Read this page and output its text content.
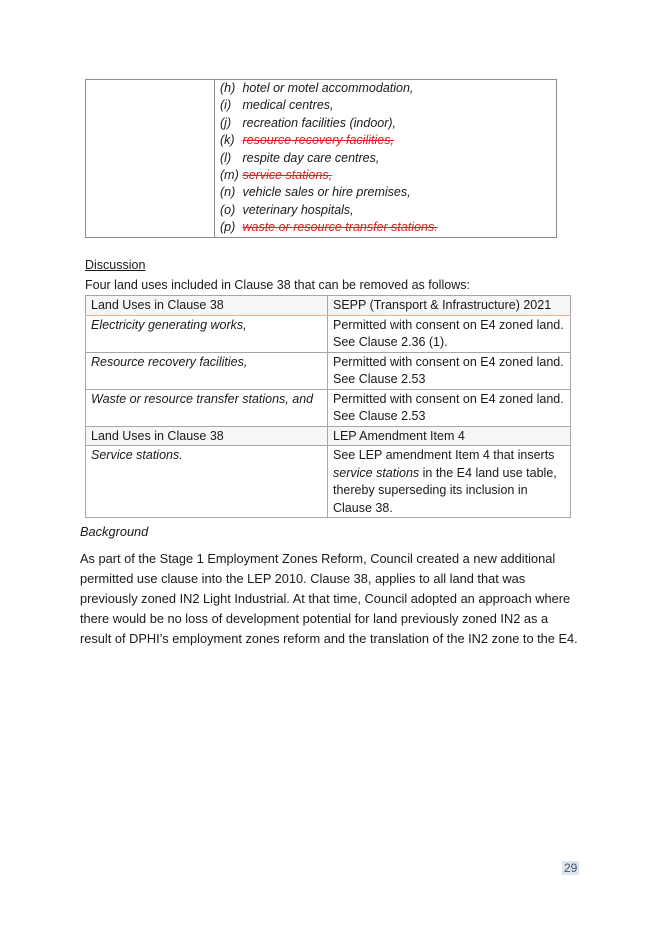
(h) hotel or motel accommodation,
(i) medical centres,
(j) recreation facilities (indoor),
(k) resource recovery facilities,
(l) respite day care centres,
(m) service stations,
(n) vehicle sales or hire premises,
(o) veterinary hospitals,
(p) waste or resource transfer stations.
Discussion
Four land uses included in Clause 38 that can be removed as follows:
Land Uses in Clause 38	SEPP (Transport & Infrastructure) 2021
Electricity generating works,	Permitted with consent on E4 zoned land. See Clause 2.36 (1).
Resource recovery facilities,	Permitted with consent on E4 zoned land. See Clause 2.53
Waste or resource transfer stations, and	Permitted with consent on E4 zoned land. See Clause 2.53
Land Uses in Clause 38	LEP Amendment Item 4
Service stations.	See LEP amendment Item 4 that inserts service stations in the E4 land use table, thereby superseding its inclusion in Clause 38.
Background
As part of the Stage 1 Employment Zones Reform, Council created a new additional permitted use clause into the LEP 2010. Clause 38, applies to all land that was previously zoned IN2 Light Industrial. At that time, Council adopted an approach where there would be no loss of development potential for land previously zoned IN2 as a result of DPHI’s employment zones reform and the translation of the IN2 zone to the E4.
29
